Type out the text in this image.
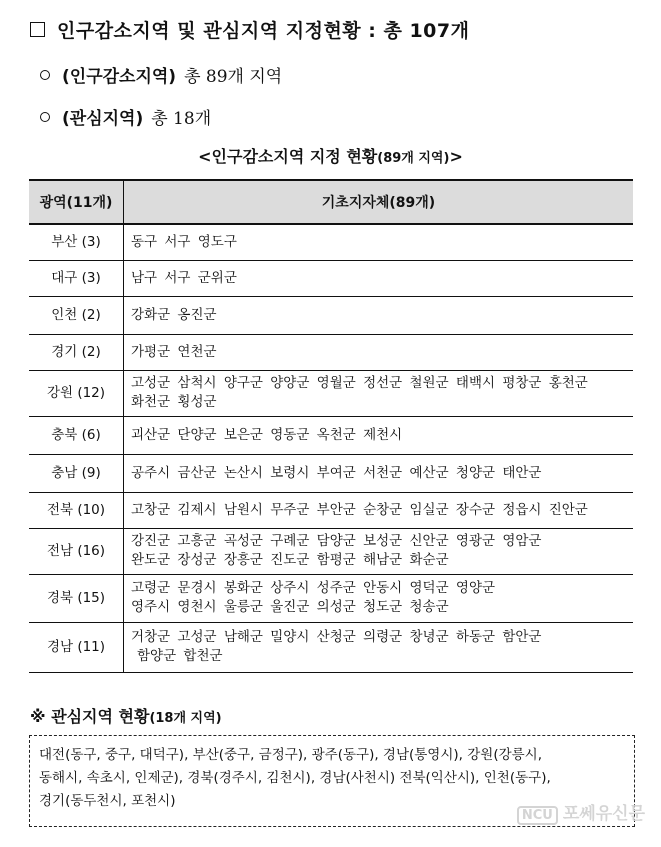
인구감소지역 및 관심지역 지정현황 : 총 107개
(인구감소지역) 총 89개 지역
(관심지역) 총 18개
<인구감소지역 지정 현황(89개 지역)>
광역(11개)	기초지자체(89개)
부산 (3)	동구 서구 영도구

대구 (3)	남구 서구 군위군

인천 (2)	강화군 옹진군

경기 (2)	가평군 연천군

강원 (12)	고성군 삼척시 양구군 양양군 영월군 정선군 철원군 태백시 평창군 홍천군
화천군 횡성군

충북 (6)	괴산군 단양군 보은군 영동군 옥천군 제천시

충남 (9)	공주시 금산군 논산시 보령시 부여군 서천군 예산군 청양군 태안군

전북 (10)	고창군 김제시 남원시 무주군 부안군 순창군 임실군 장수군 정읍시 진안군

전남 (16)	강진군 고흥군 곡성군 구례군 담양군 보성군 신안군 영광군 영암군
완도군 장성군 장흥군 진도군 함평군 해남군 화순군

경북 (15)	고령군 문경시 봉화군 상주시 성주군 안동시 영덕군 영양군
영주시 영천시 울릉군 울진군 의성군 청도군 청송군

경남 (11)	거창군 고성군 남해군 밀양시 산청군 의령군 창녕군 하동군 함안군
함양군 합천군
※ 관심지역 현황(18개 지역)
대전(동구, 중구, 대덕구), 부산(중구, 금정구), 광주(동구), 경남(통영시), 강원(강릉시,
동해시, 속초시, 인제군), 경북(경주시, 김천시), 경남(사천시) 전북(익산시), 인천(동구),
경기(동두천시, 포천시)
NCU 포쎄유신문
